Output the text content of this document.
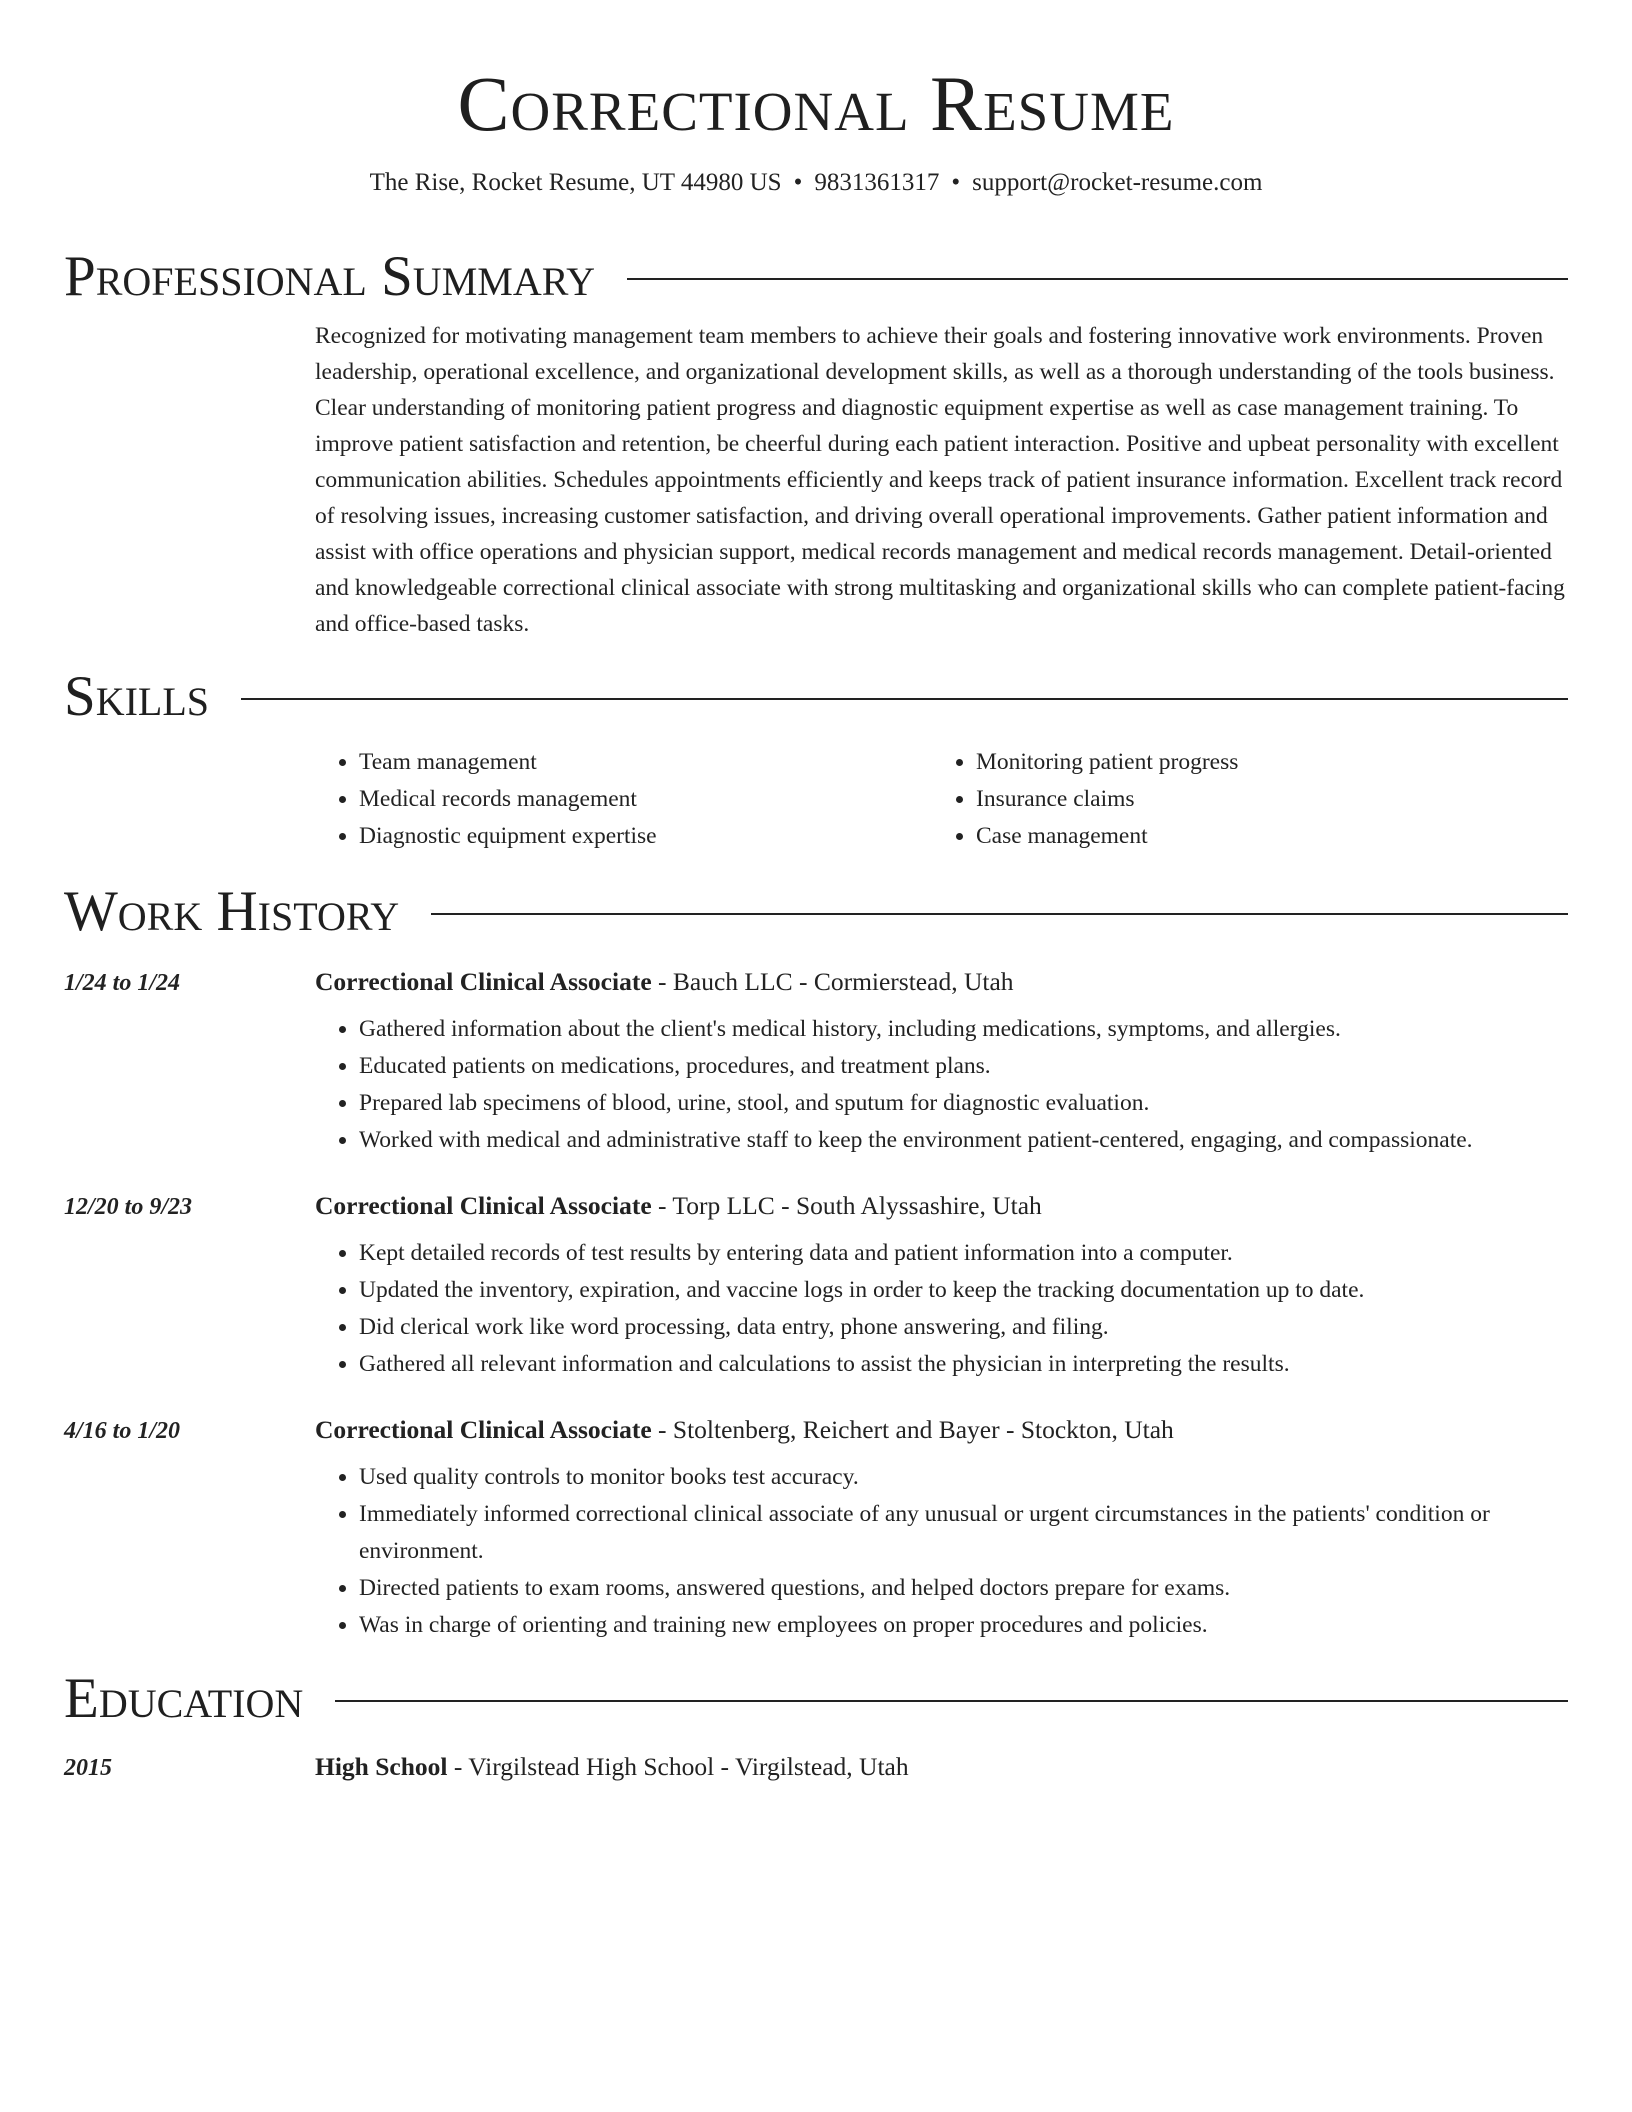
Correctional Resume
The Rise, Rocket Resume, UT 44980 US • 9831361317 • support@rocket-resume.com
Professional Summary
Recognized for motivating management team members to achieve their goals and fostering innovative work environments. Proven leadership, operational excellence, and organizational development skills, as well as a thorough understanding of the tools business. Clear understanding of monitoring patient progress and diagnostic equipment expertise as well as case management training. To improve patient satisfaction and retention, be cheerful during each patient interaction. Positive and upbeat personality with excellent communication abilities. Schedules appointments efficiently and keeps track of patient insurance information. Excellent track record of resolving issues, increasing customer satisfaction, and driving overall operational improvements. Gather patient information and assist with office operations and physician support, medical records management and medical records management. Detail-oriented and knowledgeable correctional clinical associate with strong multitasking and organizational skills who can complete patient-facing and office-based tasks.
Skills
• Team management
• Medical records management
• Diagnostic equipment expertise
• Monitoring patient progress
• Insurance claims
• Case management
Work History
1/24 to 1/24	Correctional Clinical Associate - Bauch LLC - Cormierstead, Utah
• Gathered information about the client's medical history, including medications, symptoms, and allergies.
• Educated patients on medications, procedures, and treatment plans.
• Prepared lab specimens of blood, urine, stool, and sputum for diagnostic evaluation.
• Worked with medical and administrative staff to keep the environment patient-centered, engaging, and compassionate.
12/20 to 9/23	Correctional Clinical Associate - Torp LLC - South Alyssashire, Utah
• Kept detailed records of test results by entering data and patient information into a computer.
• Updated the inventory, expiration, and vaccine logs in order to keep the tracking documentation up to date.
• Did clerical work like word processing, data entry, phone answering, and filing.
• Gathered all relevant information and calculations to assist the physician in interpreting the results.
4/16 to 1/20	Correctional Clinical Associate - Stoltenberg, Reichert and Bayer - Stockton, Utah
• Used quality controls to monitor books test accuracy.
• Immediately informed correctional clinical associate of any unusual or urgent circumstances in the patients' condition or environment.
• Directed patients to exam rooms, answered questions, and helped doctors prepare for exams.
• Was in charge of orienting and training new employees on proper procedures and policies.
Education
2015	High School - Virgilstead High School - Virgilstead, Utah
